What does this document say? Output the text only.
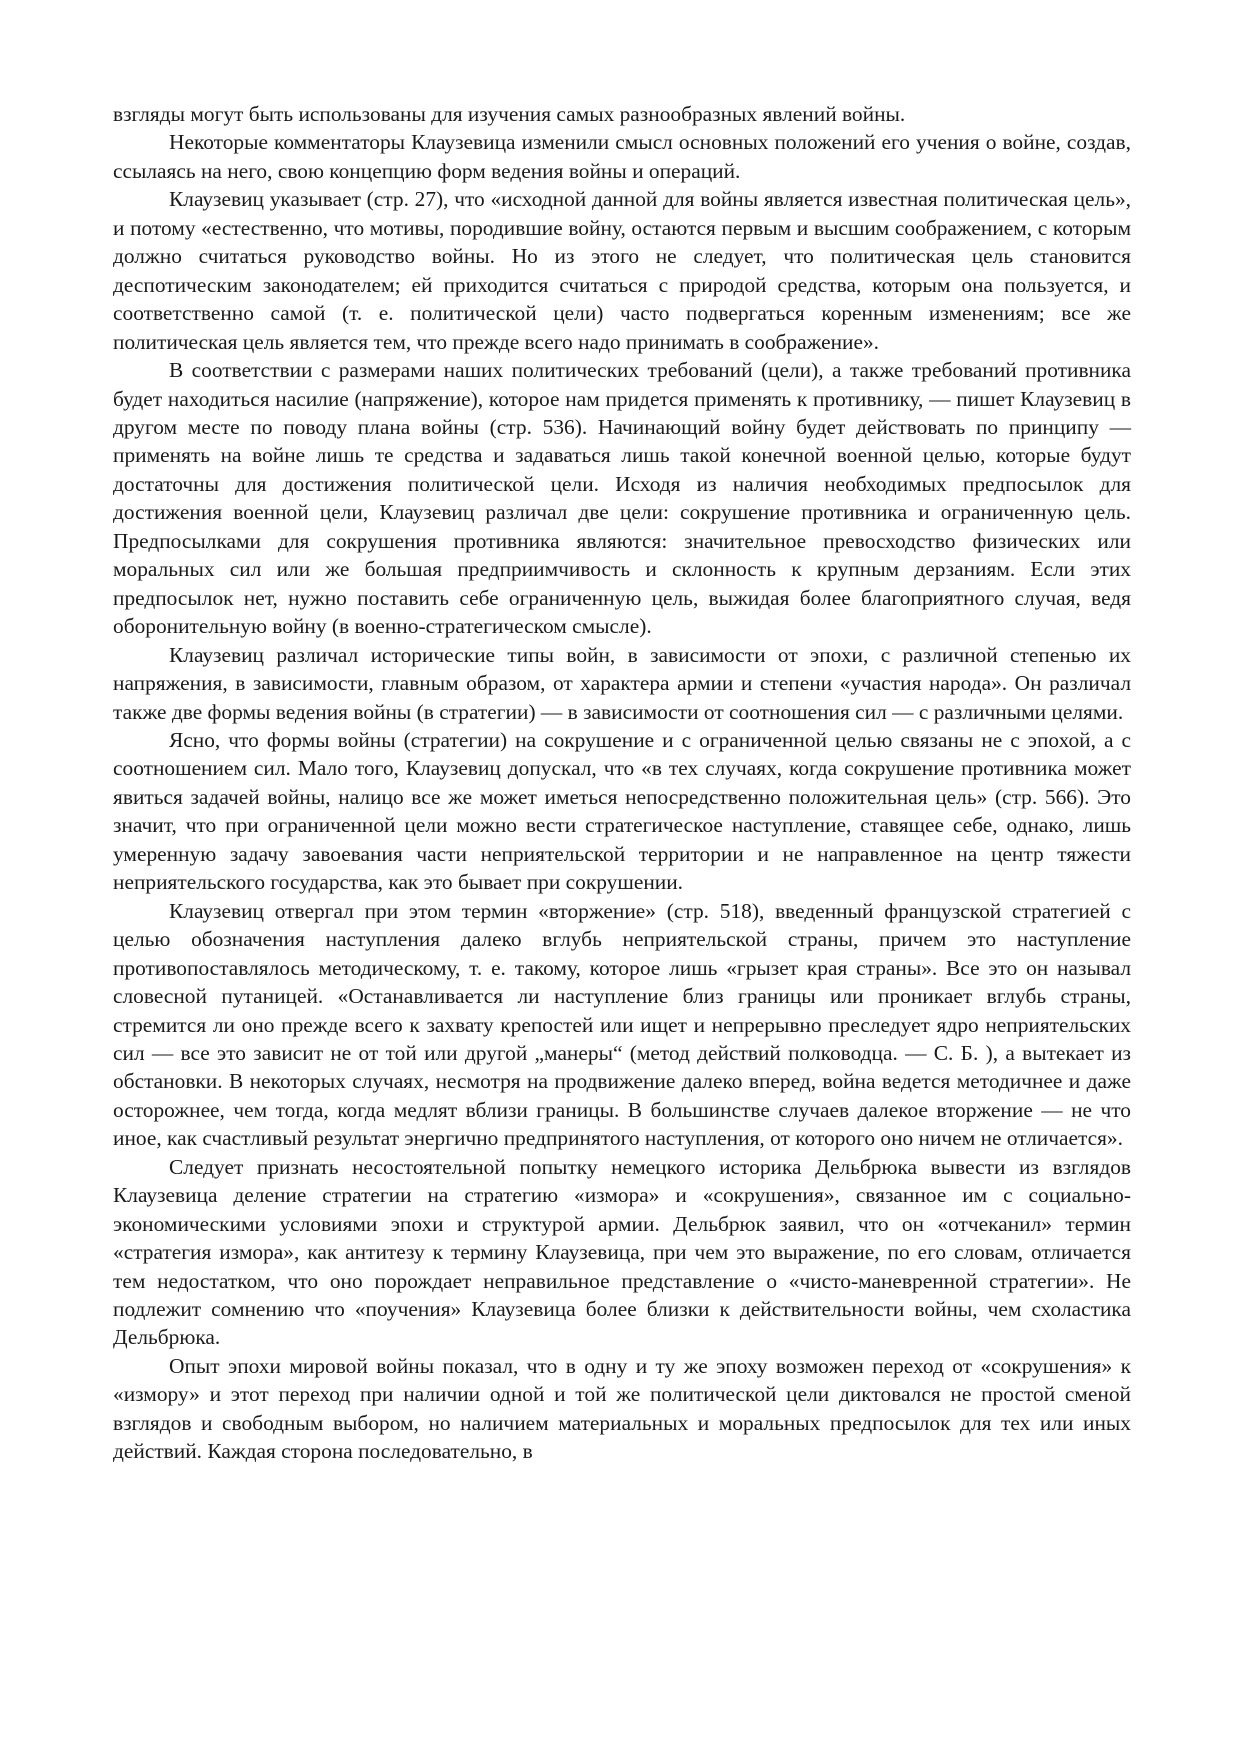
взгляды могут быть использованы для изучения самых разнообразных явлений войны.

Некоторые комментаторы Клаузевица изменили смысл основных положений его учения о войне, создав, ссылаясь на него, свою концепцию форм ведения войны и операций.

Клаузевиц указывает (стр. 27), что «исходной данной для войны является известная политическая цель», и потому «естественно, что мотивы, породившие войну, остаются первым и высшим соображением, с которым должно считаться руководство войны. Но из этого не следует, что политическая цель становится деспотическим законодателем; ей приходится считаться с природой средства, которым она пользуется, и соответственно самой (т. е. политической цели) часто подвергаться коренным изменениям; все же политическая цель является тем, что прежде всего надо принимать в соображение».

В соответствии с размерами наших политических требований (цели), а также требований противника будет находиться насилие (напряжение), которое нам придется применять к противнику, — пишет Клаузевиц в другом месте по поводу плана войны (стр. 536). Начинающий войну будет действовать по принципу — применять на войне лишь те средства и задаваться лишь такой конечной военной целью, которые будут достаточны для достижения политической цели. Исходя из наличия необходимых предпосылок для достижения военной цели, Клаузевиц различал две цели: сокрушение противника и ограниченную цель. Предпосылками для сокрушения противника являются: значительное превосходство физических или моральных сил или же большая предприимчивость и склонность к крупным дерзаниям. Если этих предпосылок нет, нужно поставить себе ограниченную цель, выжидая более благоприятного случая, ведя оборонительную войну (в военно-стратегическом смысле).

Клаузевиц различал исторические типы войн, в зависимости от эпохи, с различной степенью их напряжения, в зависимости, главным образом, от характера армии и степени «участия народа». Он различал также две формы ведения войны (в стратегии) — в зависимости от соотношения сил — с различными целями.

Ясно, что формы войны (стратегии) на сокрушение и с ограниченной целью связаны не с эпохой, а с соотношением сил. Мало того, Клаузевиц допускал, что «в тех случаях, когда сокрушение противника может явиться задачей войны, налицо все же может иметься непосредственно положительная цель» (стр. 566). Это значит, что при ограниченной цели можно вести стратегическое наступление, ставящее себе, однако, лишь умеренную задачу завоевания части неприятельской территории и не направленное на центр тяжести неприятельского государства, как это бывает при сокрушении.

Клаузевиц отвергал при этом термин «вторжение» (стр. 518), введенный французской стратегией с целью обозначения наступления далеко вглубь неприятельской страны, причем это наступление противопоставлялось методическому, т. е. такому, которое лишь «грызет края страны». Все это он называл словесной путаницей. «Останавливается ли наступление близ границы или проникает вглубь страны, стремится ли оно прежде всего к захвату крепостей или ищет и непрерывно преследует ядро неприятельских сил — все это зависит не от той или другой „манеры“ (метод действий полководца. — С. Б. ), а вытекает из обстановки. В некоторых случаях, несмотря на продвижение далеко вперед, война ведется методичнее и даже осторожнее, чем тогда, когда медлят вблизи границы. В большинстве случаев далекое вторжение — не что иное, как счастливый результат энергично предпринятого наступления, от которого оно ничем не отличается».

Следует признать несостоятельной попытку немецкого историка Дельбрюка вывести из взглядов Клаузевица деление стратегии на стратегию «измора» и «сокрушения», связанное им с социально-экономическими условиями эпохи и структурой армии. Дельбрюк заявил, что он «отчеканил» термин «стратегия измора», как антитезу к термину Клаузевица, при чем это выражение, по его словам, отличается тем недостатком, что оно порождает неправильное представление о «чисто-маневренной стратегии». Не подлежит сомнению что «поучения» Клаузевица более близки к действительности войны, чем схоластика Дельбрюка.

Опыт эпохи мировой войны показал, что в одну и ту же эпоху возможен переход от «сокрушения» к «измору» и этот переход при наличии одной и той же политической цели диктовался не простой сменой взглядов и свободным выбором, но наличием материальных и моральных предпосылок для тех или иных действий. Каждая сторона последовательно, в
